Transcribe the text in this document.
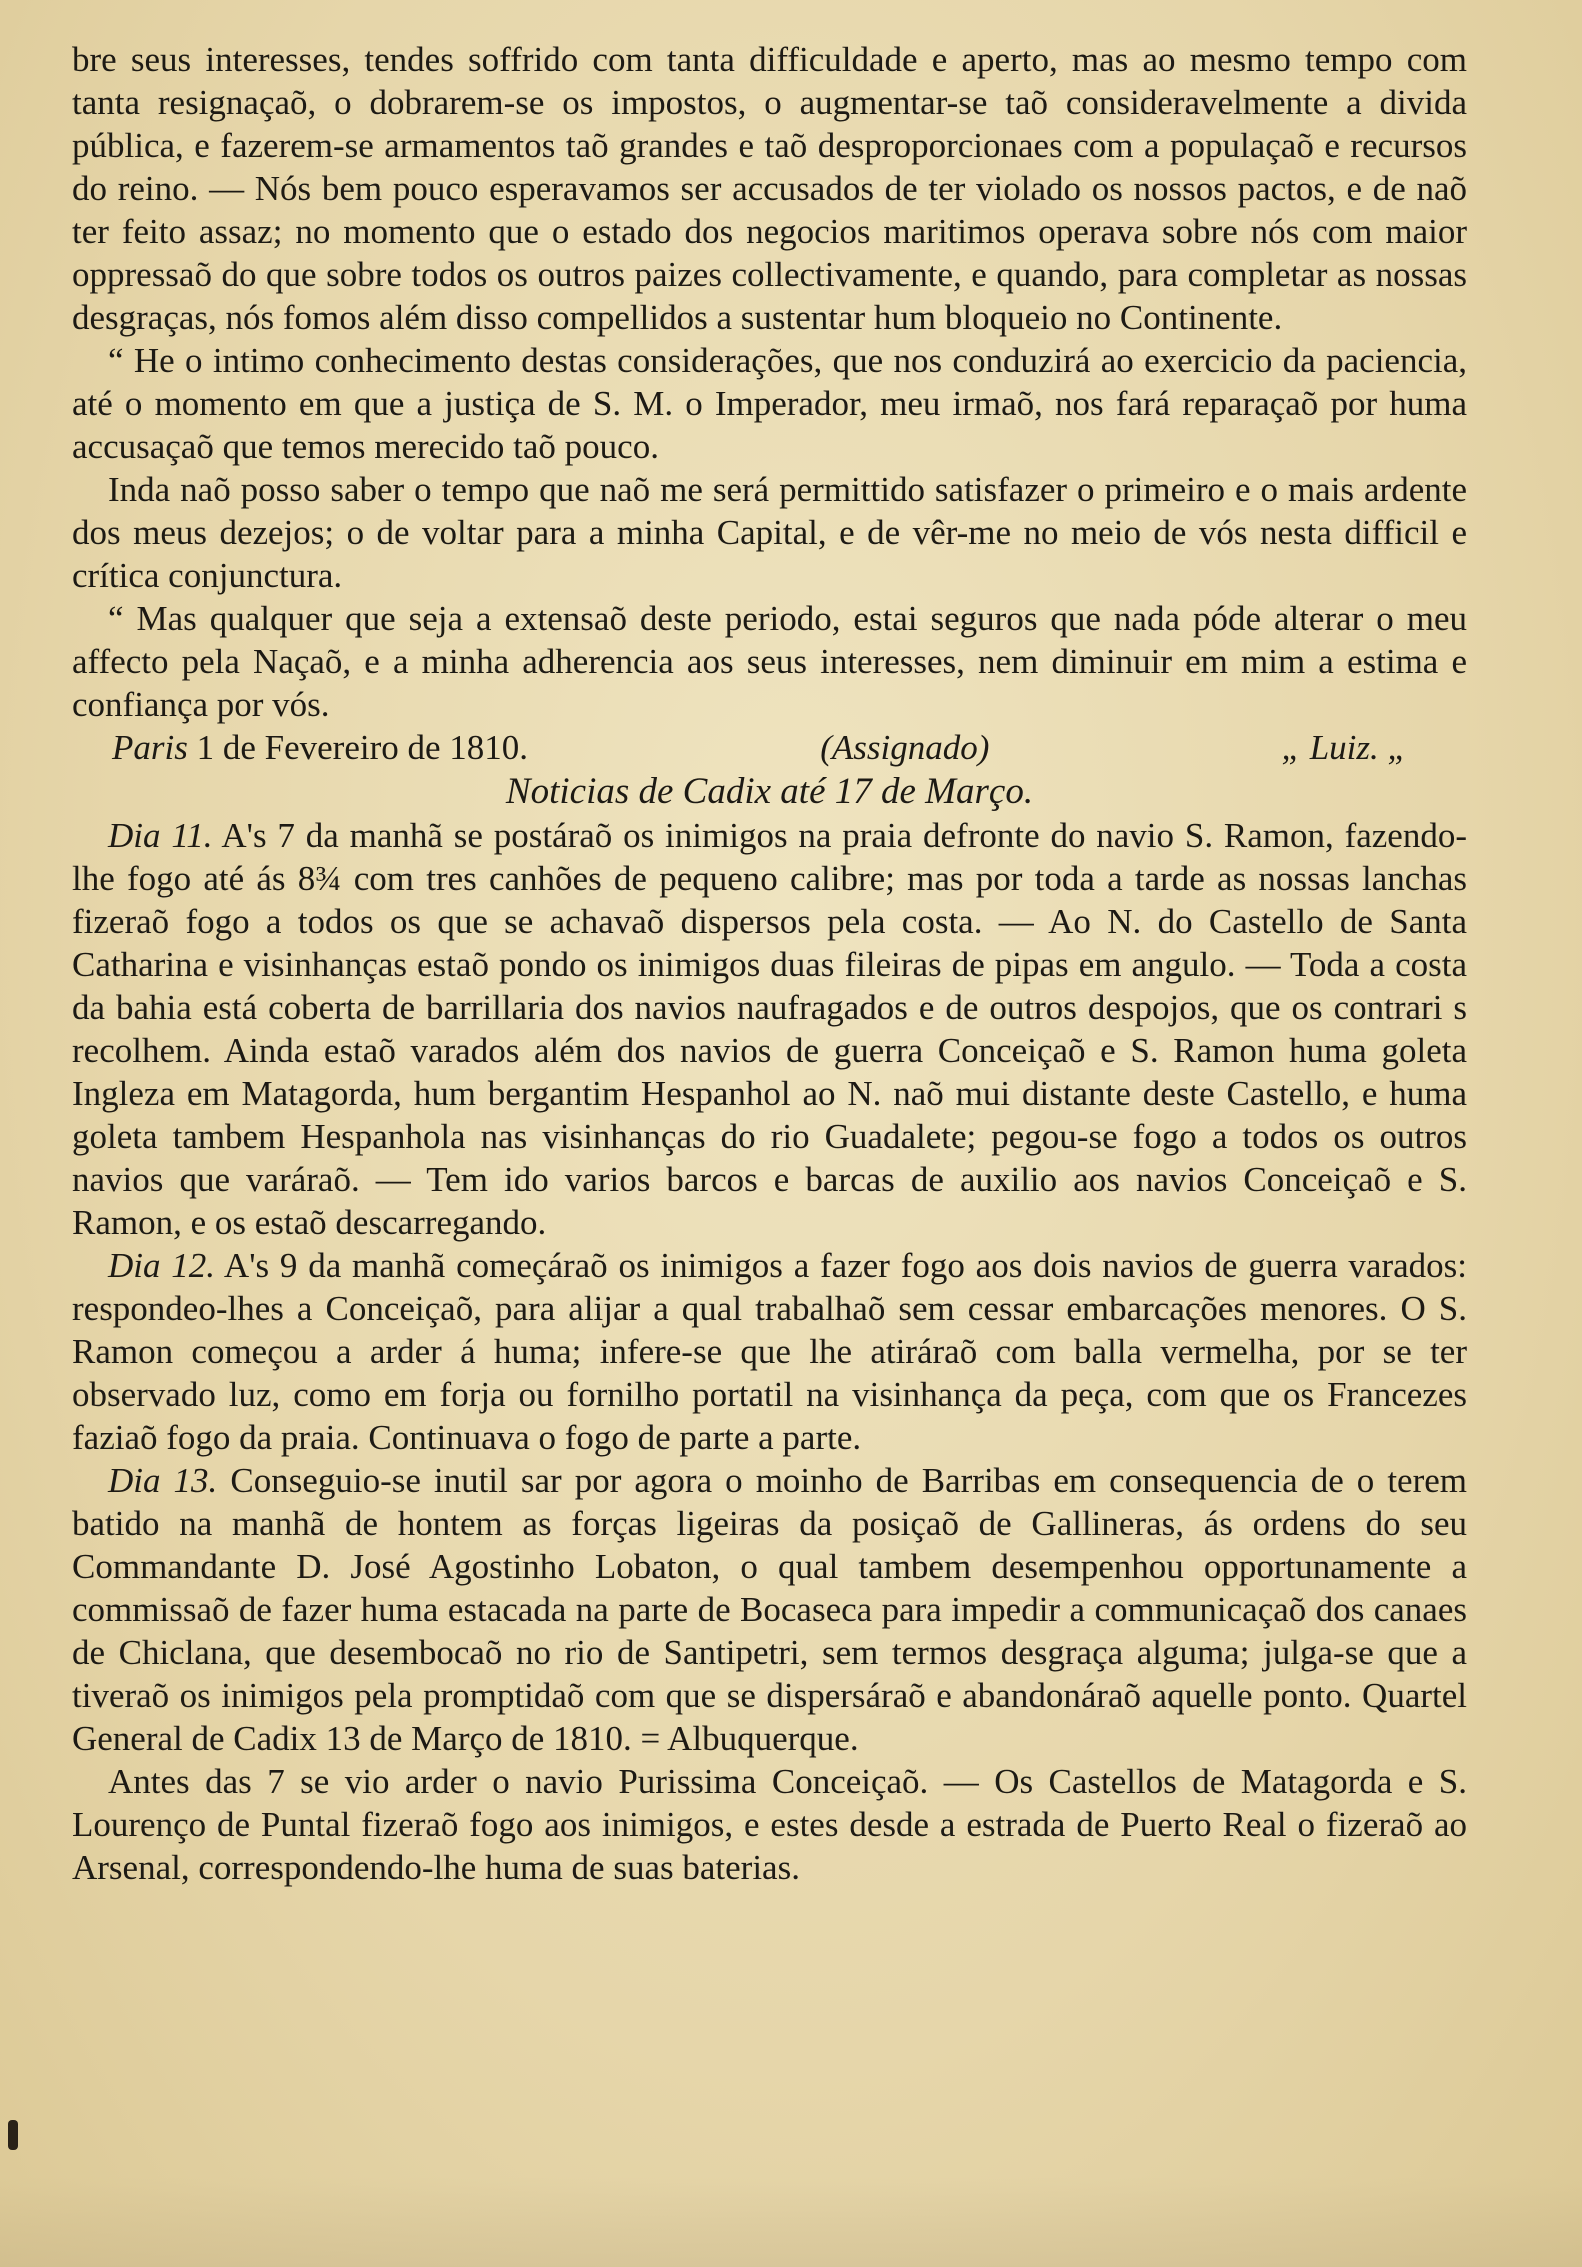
bre seus interesses, tendes soffrido com tanta difficuldade e aperto, mas ao mesmo tempo com tanta resignaçaõ, o dobrarem-se os impostos, o augmentar-se taõ consideravelmente a divida pública, e fazerem-se armamentos taõ grandes e taõ desproporcionaes com a populaçaõ e recursos do reino. — Nós bem pouco esperavamos ser accusados de ter violado os nossos pactos, e de naõ ter feito assaz; no momento que o estado dos negocios maritimos operava sobre nós com maior oppressaõ do que sobre todos os outros paizes collectivamente, e quando, para completar as nossas desgraças, nós fomos além disso compellidos a sustentar hum bloqueio no Continente.

“ He o intimo conhecimento destas considerações, que nos conduzirá ao exercicio da paciencia, até o momento em que a justiça de S. M. o Imperador, meu irmaõ, nos fará reparaçaõ por huma accusaçaõ que temos merecido taõ pouco.

Inda naõ posso saber o tempo que naõ me será permittido satisfazer o primeiro e o mais ardente dos meus dezejos; o de voltar para a minha Capital, e de vêr-me no meio de vós nesta difficil e crítica conjunctura.

“ Mas qualquer que seja a extensaõ deste periodo, estai seguros que nada póde alterar o meu affecto pela Naçaõ, e a minha adherencia aos seus interesses, nem diminuir em mim a estima e confiança por vós.

Paris 1 de Fevereiro de 1810.	(Assignado)	„ Luiz. „
Noticias de Cadix até 17 de Março.

Dia 11. A's 7 da manhã se postáraõ os inimigos na praia defronte do navio S. Ramon, fazendo-lhe fogo até ás 8¾ com tres canhões de pequeno calibre; mas por toda a tarde as nossas lanchas fizeraõ fogo a todos os que se achavaõ dispersos pela costa. — Ao N. do Castello de Santa Catharina e visinhanças estaõ pondo os inimigos duas fileiras de pipas em angulo. — Toda a costa da bahia está coberta de barrillaria dos navios naufragados e de outros despojos, que os contrari s recolhem. Ainda estaõ varados além dos navios de guerra Conceiçaõ e S. Ramon huma goleta Ingleza em Matagorda, hum bergantim Hespanhol ao N. naõ mui distante deste Castello, e huma goleta tambem Hespanhola nas visinhanças do rio Guadalete; pegou-se fogo a todos os outros navios que varáraõ. — Tem ido varios barcos e barcas de auxilio aos navios Conceiçaõ e S. Ramon, e os estaõ descarregando.

Dia 12. A's 9 da manhã começáraõ os inimigos a fazer fogo aos dois navios de guerra varados: respondeo-lhes a Conceiçaõ, para alijar a qual trabalhaõ sem cessar embarcações menores. O S. Ramon começou a arder á huma; infere-se que lhe atiráraõ com balla vermelha, por se ter observado luz, como em forja ou fornilho portatil na visinhança da peça, com que os Francezes faziaõ fogo da praia. Continuava o fogo de parte a parte.

Dia 13. Conseguio-se inutil sar por agora o moinho de Barribas em consequencia de o terem batido na manhã de hontem as forças ligeiras da posiçaõ de Gallineras, ás ordens do seu Commandante D. José Agostinho Lobaton, o qual tambem desempenhou opportunamente a commissaõ de fazer huma estacada na parte de Bocaseca para impedir a communicaçaõ dos canaes de Chiclana, que desembocaõ no rio de Santipetri, sem termos desgraça alguma; julga-se que a tiveraõ os inimigos pela promptidaõ com que se dispersáraõ e abandonáraõ aquelle ponto. Quartel General de Cadix 13 de Março de 1810. = Albuquerque.

Antes das 7 se vio arder o navio Purissima Conceiçaõ. — Os Castellos de Matagorda e S. Lourenço de Puntal fizeraõ fogo aos inimigos, e estes desde a estrada de Puerto Real o fizeraõ ao Arsenal, correspondendo-lhe huma de suas baterias.
